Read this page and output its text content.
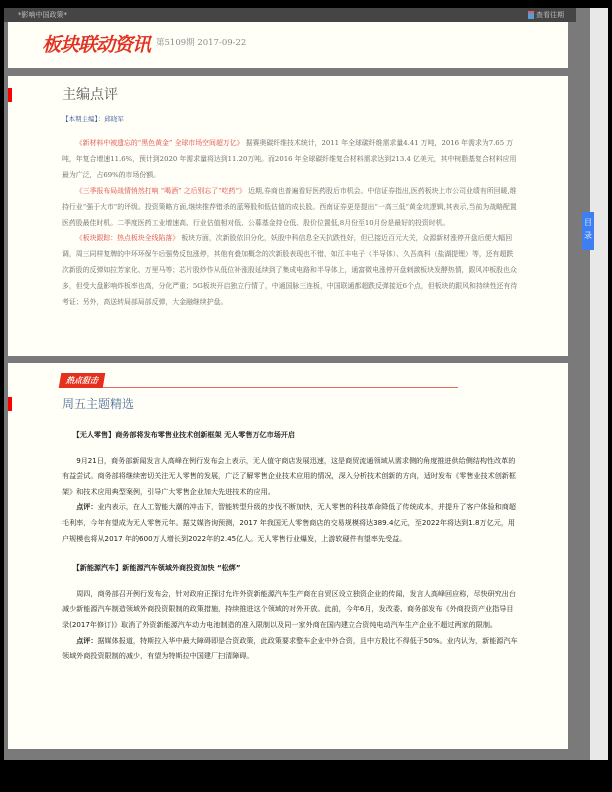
*影响中国政策*	查看往期
板块联动资讯 第5109期 2017-09-22
主编点评
【本期主编】：邱晓军

《新材料中被遗忘的“黑色黄金” 全球市场空间超万亿》 据赛奥碳纤维技术统计，2011 年全球碳纤维需求量4.41 万吨，2016 年需求为7.65 万吨，年复合增速11.6%，预计到2020 年需求量将达到11.20万吨。而2016 年全球碳纤维复合材料需求达到213.4 亿美元，其中树脂基复合材料应用最为广泛，占69%的市场份额。

《三季报布局战情悄然打响 “喝酒” 之后别忘了“吃药”》 近期,券商也普遍看好医药股后市机会。中信证券指出,医药板块上市公司业绩有所回暖,维持行业“强于大市”的评级。投资策略方面,继续推荐错杀的蓝筹股和低估值的成长股。西南证券更是提出“一高三低”黄金坑逻辑,其表示,当前为战略配置医药股最佳时机。二季度医药工业增速高、行业估值相对低、公募基金持仓低、股价位置低,8月份至10月份是最好的投资时机。

《板块跟踪：热点板块全线陷落》 板块方面，次新股依旧分化，妖股中科信息全天抗跌性好，但已接近百元大关，众源新材涨停开盘后便大幅回调，周三同样复牌的中环环保午后强势反包涨停，其他有叠加概念的次新股表现也不错，如江丰电子（半导体）、久吾高科（盐湖提锂）等，还有超跌次新股的反弹如拉芳家化、万里马等；芯片股炒作从低位补涨股延续到了集成电路和半导体上，通富微电涨停开盘刺激板块发酵热情，跟风冲板股也众多，但受大盘影响炸板率也高，分化严重；5G板块开启独立行情了，中通国脉三连板，中国联通都超跌反弹接近6个点，但板块的跟风和持续性还有待考证；另外，高送转局部局部反弹，大金融继续护盘。

热点狙击
周五主题精选

【无人零售】商务部将发布零售业技术创新框架 无人零售万亿市场开启

9月21日，商务部新闻发言人高峰在例行发布会上表示，无人值守商店发展迅速，这是商贸流通领域从需求侧的角度推进供给侧结构性改革的有益尝试。商务部将继续密切关注无人零售的发展，广泛了解零售企业技术应用的情况，深入分析技术创新的方向，适时发布《零售业技术创新框架》和技术应用典型案例，引导广大零售企业加大先进技术的应用。

点评：业内表示，在人工智能大潮的冲击下，智能转型升级的步伐不断加快，无人零售的科技革命降低了传统成本，并提升了客户体验和商超毛利率，今年有望成为无人零售元年。据艾媒咨询预测，2017 年我国无人零售商店的交易规模将达389.4亿元，至2022年将达到1.8万亿元，用户规模也将从2017 年的600万人增长到2022年的2.45亿人。无人零售行业爆发，上游软硬件有望率先受益。

【新能源汽车】新能源汽车领域外商投资加快 “松绑”

周四，商务部召开例行发布会，针对政府正探讨允许外资新能源汽车生产商在自贸区设立独资企业的传闻，发言人高峰回应称，尽快研究出台减少新能源汽车制造领域外商投资限制的政策措施，持续推进这个领域的对外开放。此前，今年6月，发改委、商务部发布《外商投资产业指导目录(2017年修订)》取消了外资新能源汽车动力电池制造的准入限制以及同一家外商在国内建立合资纯电动汽车生产企业不超过两家的限制。

点评：据媒体报道，特斯拉入华中最大障碍即是合资政策，此政策要求整车企业中外合资，且中方股比不得低于50%。业内认为，新能源汽车领域外商投资限制的减少，有望为特斯拉中国建厂扫清障碍。

目
录
